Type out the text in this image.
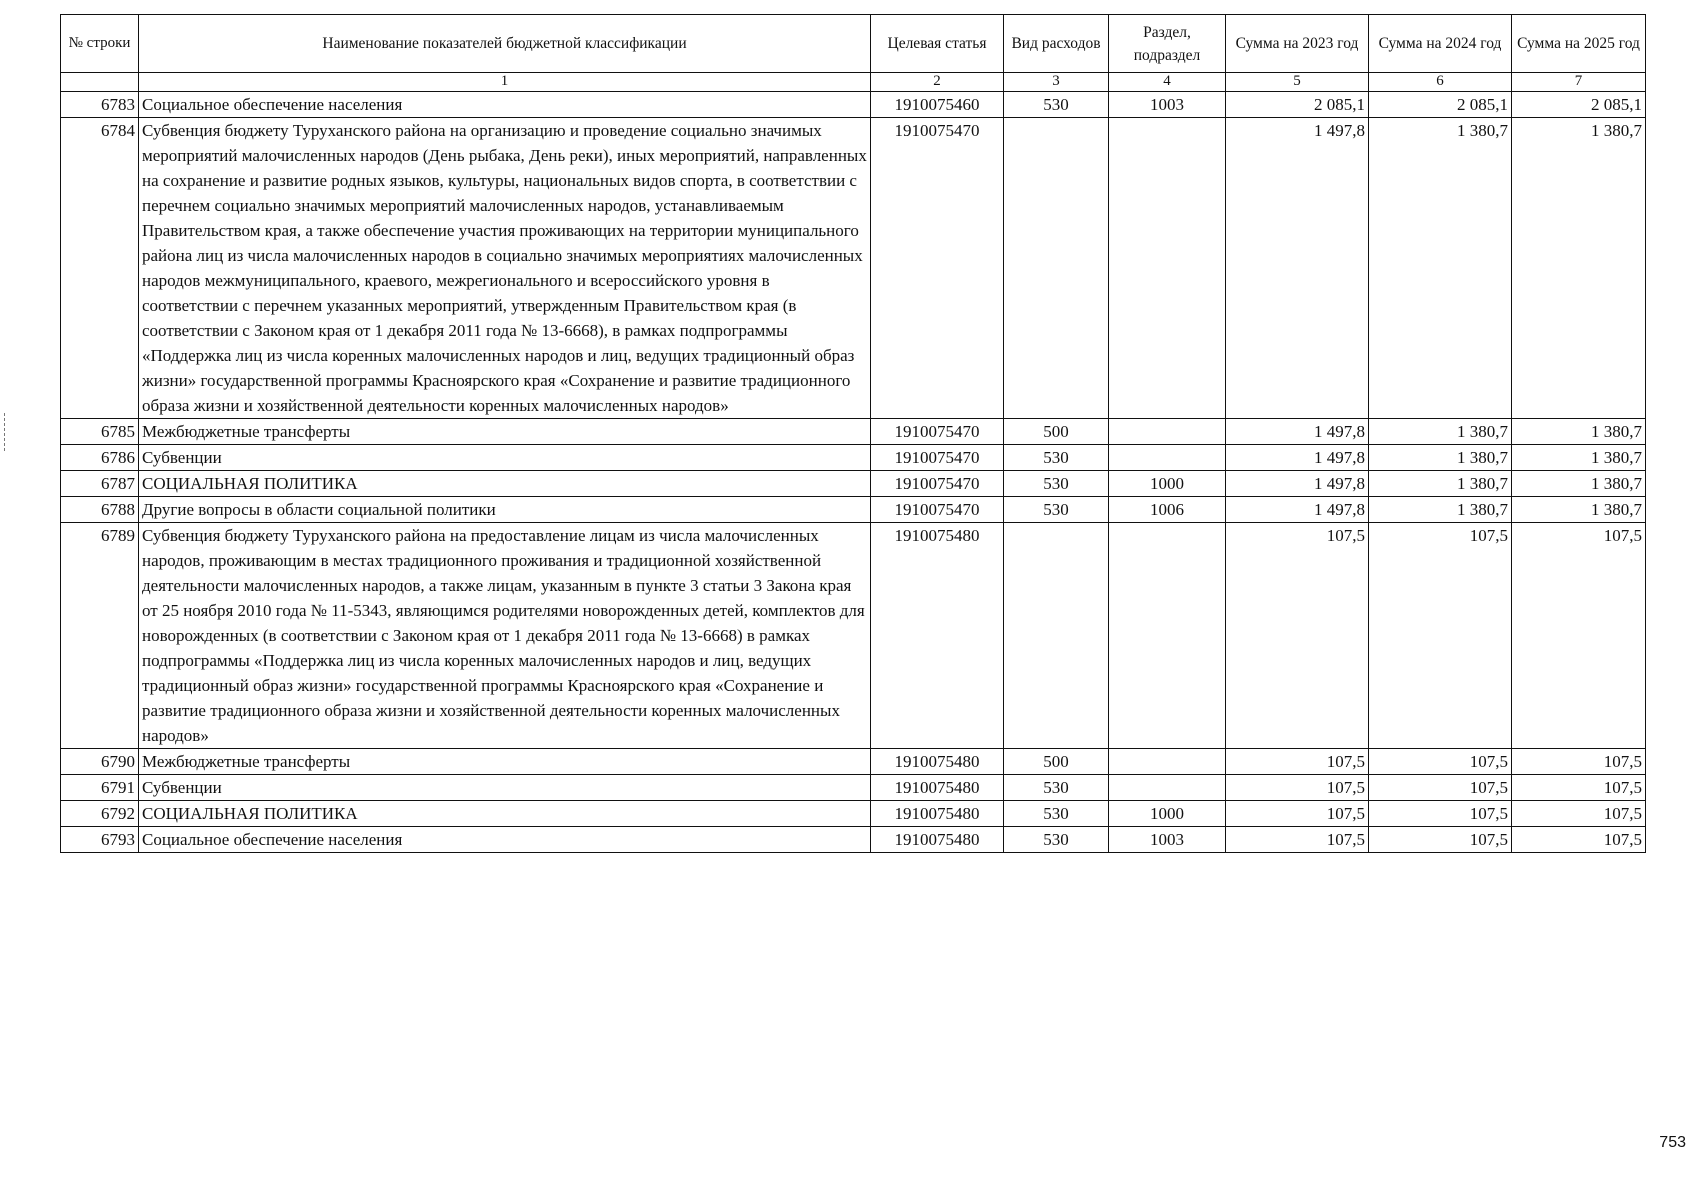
№ строки	Наименование показателей бюджетной классификации	Целевая статья	Вид расходов	Раздел, подраздел	Сумма на 2023 год	Сумма на 2024 год	Сумма на 2025 год
	1	2	3	4	5	6	7
6783	Социальное обеспечение населения	1910075460	530	1003	2 085,1	2 085,1	2 085,1
6784	Субвенция бюджету Туруханского района на организацию и проведение социально значимых мероприятий малочисленных народов (День рыбака, День реки), иных мероприятий, направленных на сохранение и развитие родных языков, культуры, национальных видов спорта, в соответствии с перечнем социально значимых мероприятий малочисленных народов, устанавливаемым Правительством края, а также обеспечение участия проживающих на территории муниципального района лиц из числа малочисленных народов в социально значимых мероприятиях малочисленных народов межмуниципального, краевого, межрегионального и всероссийского уровня в соответствии с перечнем указанных мероприятий, утвержденным Правительством края (в соответствии с Законом края от 1 декабря 2011 года № 13-6668), в рамках подпрограммы «Поддержка лиц из числа коренных малочисленных народов и лиц, ведущих традиционный образ жизни» государственной программы Красноярского края «Сохранение и развитие традиционного образа жизни и хозяйственной деятельности коренных малочисленных народов»	1910075470			1 497,8	1 380,7	1 380,7
6785	Межбюджетные трансферты	1910075470	500		1 497,8	1 380,7	1 380,7
6786	Субвенции	1910075470	530		1 497,8	1 380,7	1 380,7
6787	СОЦИАЛЬНАЯ ПОЛИТИКА	1910075470	530	1000	1 497,8	1 380,7	1 380,7
6788	Другие вопросы в области социальной политики	1910075470	530	1006	1 497,8	1 380,7	1 380,7
6789	Субвенция бюджету Туруханского района на предоставление лицам из числа малочисленных народов, проживающим в местах традиционного проживания и традиционной хозяйственной деятельности малочисленных народов, а также лицам, указанным в пункте 3 статьи 3 Закона края от 25 ноября 2010 года № 11-5343, являющимся родителями новорожденных детей, комплектов для новорожденных (в соответствии с Законом края от 1 декабря 2011 года № 13-6668) в рамках подпрограммы «Поддержка лиц из числа коренных малочисленных народов и лиц, ведущих традиционный образ жизни» государственной программы Красноярского края «Сохранение и развитие традиционного образа жизни и хозяйственной деятельности коренных малочисленных народов»	1910075480			107,5	107,5	107,5
6790	Межбюджетные трансферты	1910075480	500		107,5	107,5	107,5
6791	Субвенции	1910075480	530		107,5	107,5	107,5
6792	СОЦИАЛЬНАЯ ПОЛИТИКА	1910075480	530	1000	107,5	107,5	107,5
6793	Социальное обеспечение населения	1910075480	530	1003	107,5	107,5	107,5
753
